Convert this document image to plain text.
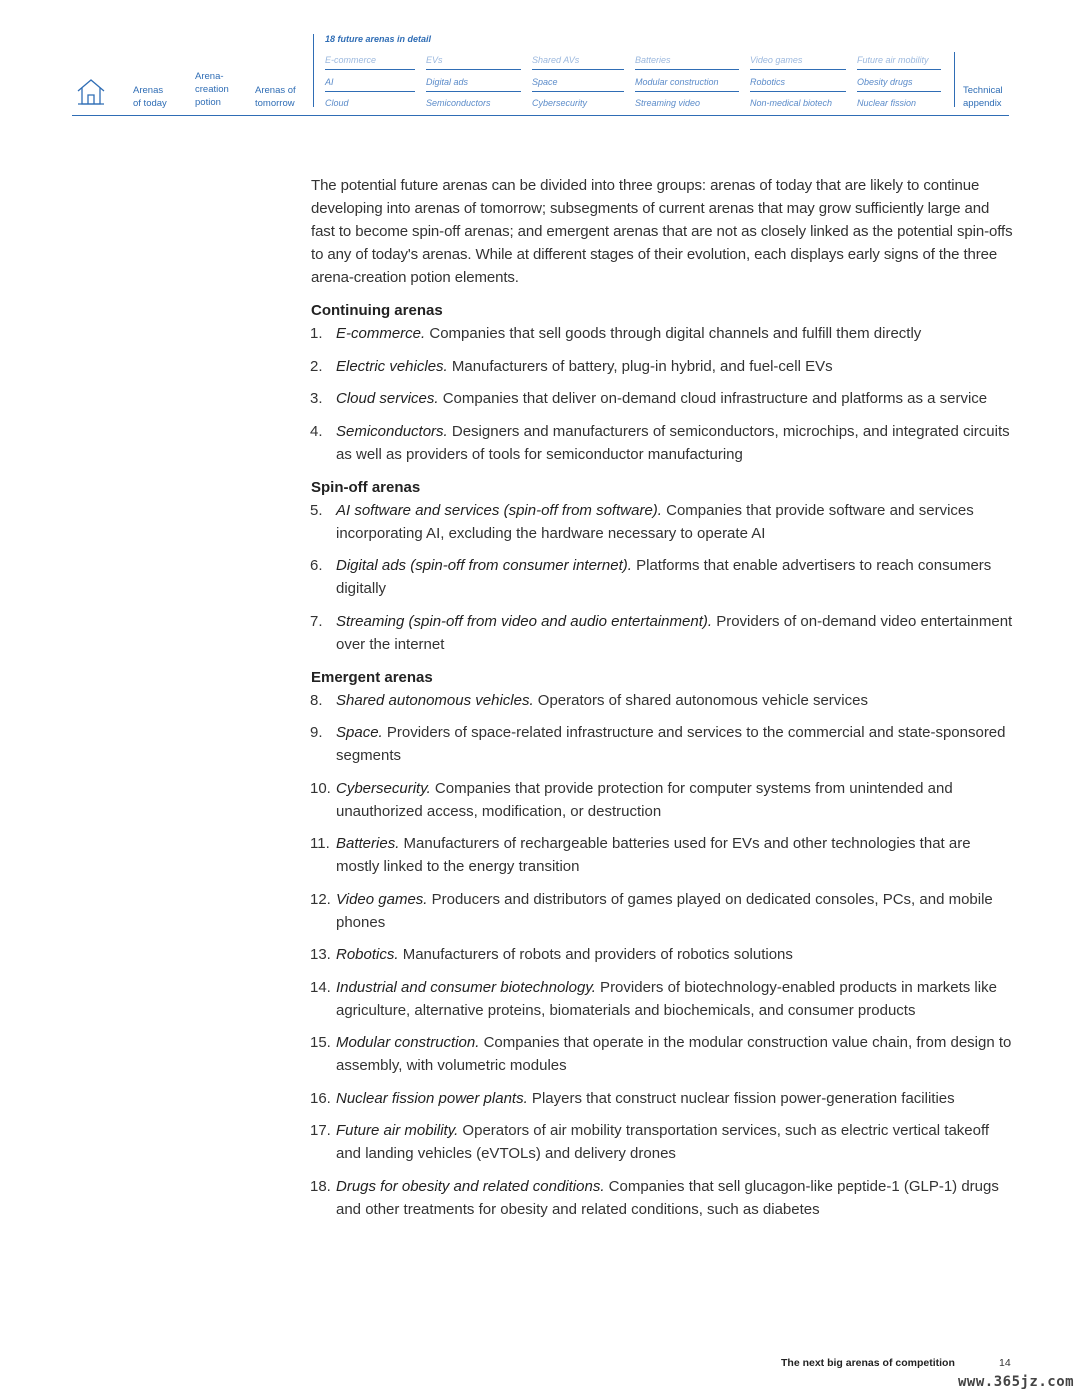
Arenas
of today
Arena-
creation
potion
Arenas of
tomorrow
18 future arenas in detail
E-commerce	EVs	Shared AVs	Batteries	Video games	Future air mobility
AI	Digital ads	Space	Modular construction	Robotics	Obesity drugs
Cloud	Semiconductors	Cybersecurity	Streaming video	Non-medical biotech	Nuclear fission
Technical
appendix

The potential future arenas can be divided into three groups: arenas of today that are likely to continue developing into arenas of tomorrow; subsegments of current arenas that may grow sufficiently large and fast to become spin-off arenas; and emergent arenas that are not as closely linked as the potential spin-offs to any of today's arenas. While at different stages of their evolution, each displays early signs of the three arena-creation potion elements.

Continuing arenas
1. E-commerce. Companies that sell goods through digital channels and fulfill them directly
2. Electric vehicles. Manufacturers of battery, plug-in hybrid, and fuel-cell EVs
3. Cloud services. Companies that deliver on-demand cloud infrastructure and platforms as a service
4. Semiconductors. Designers and manufacturers of semiconductors, microchips, and integrated circuits as well as providers of tools for semiconductor manufacturing
Spin-off arenas
5. AI software and services (spin-off from software). Companies that provide software and services incorporating AI, excluding the hardware necessary to operate AI
6. Digital ads (spin-off from consumer internet). Platforms that enable advertisers to reach consumers digitally
7. Streaming (spin-off from video and audio entertainment). Providers of on-demand video entertainment over the internet
Emergent arenas
8. Shared autonomous vehicles. Operators of shared autonomous vehicle services
9. Space. Providers of space-related infrastructure and services to the commercial and state-sponsored segments
10. Cybersecurity. Companies that provide protection for computer systems from unintended and unauthorized access, modification, or destruction
11. Batteries. Manufacturers of rechargeable batteries used for EVs and other technologies that are mostly linked to the energy transition
12. Video games. Producers and distributors of games played on dedicated consoles, PCs, and mobile phones
13. Robotics. Manufacturers of robots and providers of robotics solutions
14. Industrial and consumer biotechnology. Providers of biotechnology-enabled products in markets like agriculture, alternative proteins, biomaterials and biochemicals, and consumer products
15. Modular construction. Companies that operate in the modular construction value chain, from design to assembly, with volumetric modules
16. Nuclear fission power plants. Players that construct nuclear fission power-generation facilities
17. Future air mobility. Operators of air mobility transportation services, such as electric vertical takeoff and landing vehicles (eVTOLs) and delivery drones
18. Drugs for obesity and related conditions. Companies that sell glucagon-like peptide-1 (GLP-1) drugs and other treatments for obesity and related conditions, such as diabetes
The next big arenas of competition	14
www.365jz.com
